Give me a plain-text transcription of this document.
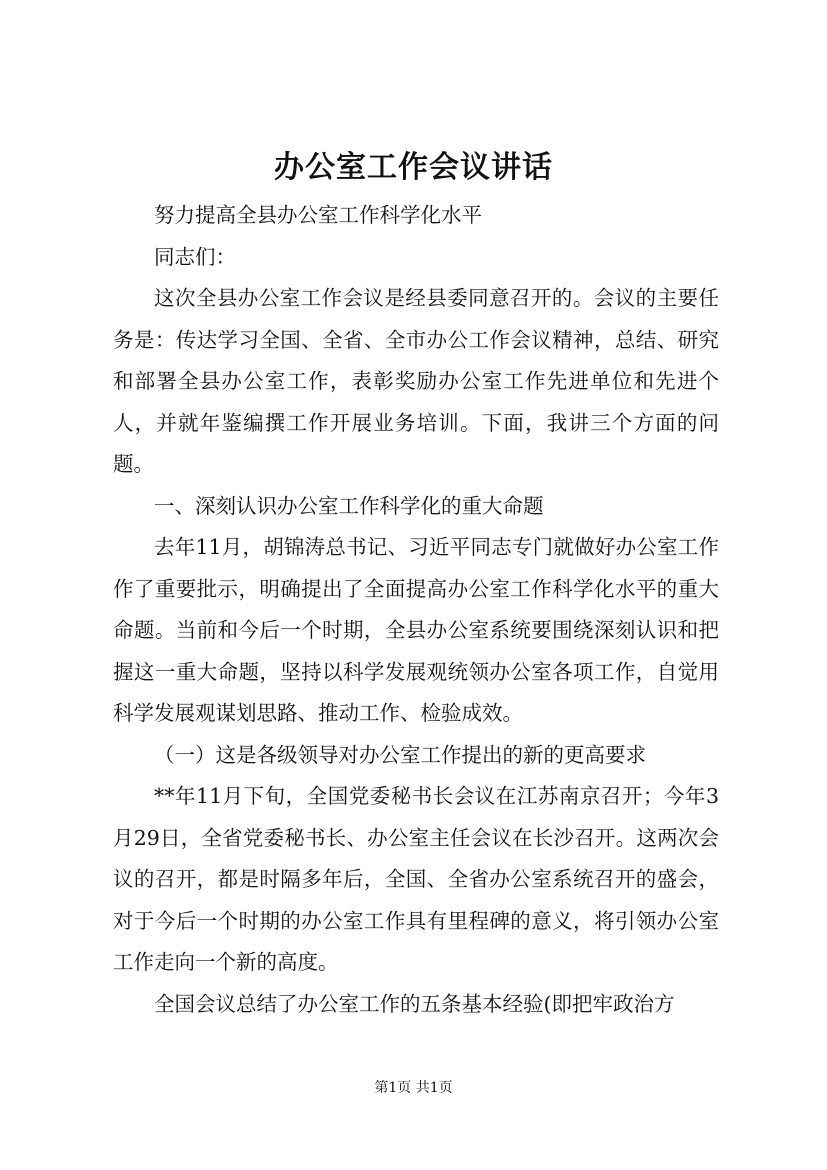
办公室工作会议讲话

努力提高全县办公室工作科学化水平

同志们：

这次全县办公室工作会议是经县委同意召开的。会议的主要任务是：传达学习全国、全省、全市办公工作会议精神，总结、研究和部署全县办公室工作，表彰奖励办公室工作先进单位和先进个人，并就年鉴编撰工作开展业务培训。下面，我讲三个方面的问题。

一、深刻认识办公室工作科学化的重大命题

去年11月，胡锦涛总书记、习近平同志专门就做好办公室工作作了重要批示，明确提出了全面提高办公室工作科学化水平的重大命题。当前和今后一个时期，全县办公室系统要围绕深刻认识和把握这一重大命题，坚持以科学发展观统领办公室各项工作，自觉用科学发展观谋划思路、推动工作、检验成效。

（一）这是各级领导对办公室工作提出的新的更高要求

**年11月下旬，全国党委秘书长会议在江苏南京召开；今年3月29日，全省党委秘书长、办公室主任会议在长沙召开。这两次会议的召开，都是时隔多年后，全国、全省办公室系统召开的盛会，对于今后一个时期的办公室工作具有里程碑的意义，将引领办公室工作走向一个新的高度。

全国会议总结了办公室工作的五条基本经验(即把牢政治方

第1页 共1页
